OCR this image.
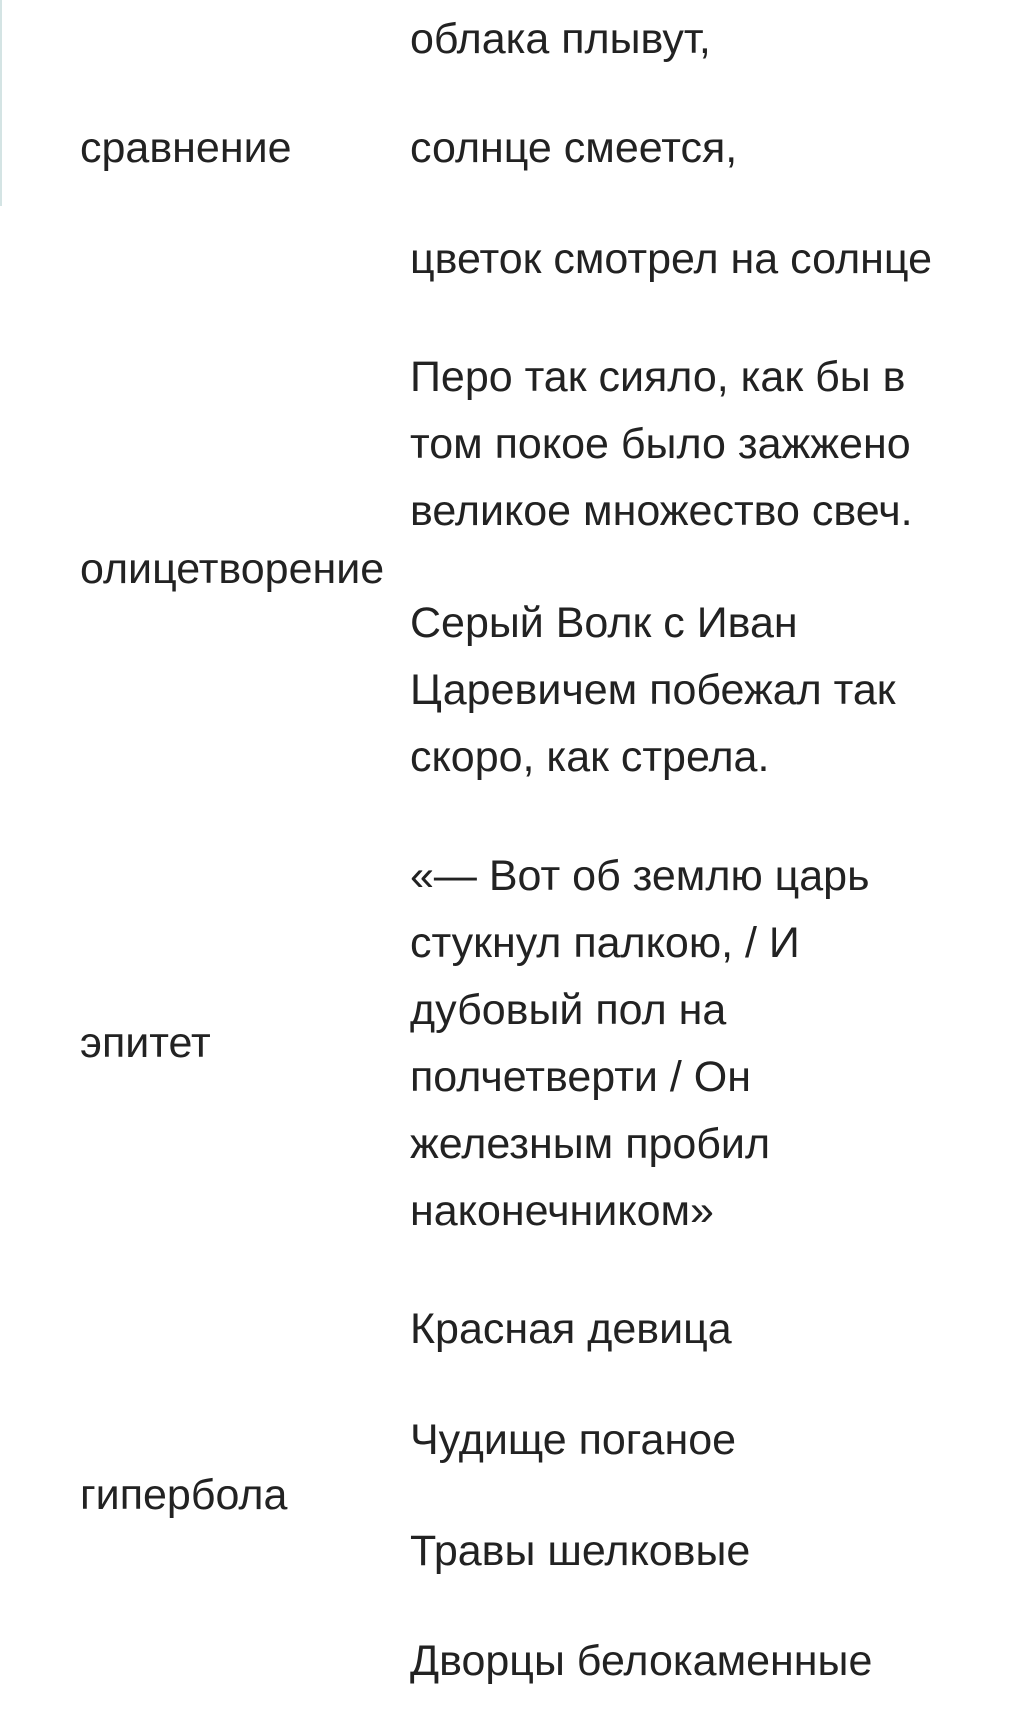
сравнение
облака плывут,
солнце смеется,
цветок смотрел на солнце
олицетворение
Перо так сияло, как бы в
том покое было зажжено
великое множество свеч.
Серый Волк с Иван
Царевичем побежал так
скоро, как стрела.
эпитет
«— Вот об землю царь
стукнул палкою, / И
дубовый пол на
полчетверти / Он
железным пробил
наконечником»
гипербола
Красная девица
Чудище поганое
Травы шелковые
Дворцы белокаменные
